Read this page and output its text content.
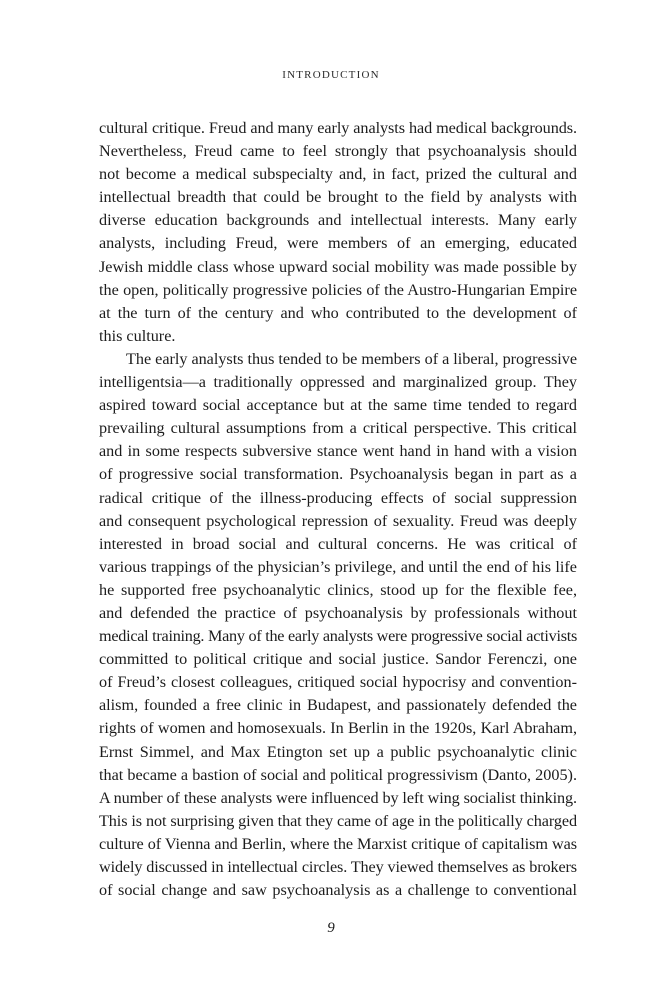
INTRODUCTION
cultural critique. Freud and many early analysts had medical backgrounds.
Nevertheless, Freud came to feel strongly that psychoanalysis should
not become a medical subspecialty and, in fact, prized the cultural and
intellectual breadth that could be brought to the field by analysts with
diverse education backgrounds and intellectual interests. Many early
analysts, including Freud, were members of an emerging, educated
Jewish middle class whose upward social mobility was made possible by
the open, politically progressive policies of the Austro-Hungarian Empire
at the turn of the century and who contributed to the development of
this culture.
The early analysts thus tended to be members of a liberal, progressive
intelligentsia—a traditionally oppressed and marginalized group. They
aspired toward social acceptance but at the same time tended to regard
prevailing cultural assumptions from a critical perspective. This critical
and in some respects subversive stance went hand in hand with a vision
of progressive social transformation. Psychoanalysis began in part as a
radical critique of the illness-producing effects of social suppression
and consequent psychological repression of sexuality. Freud was deeply
interested in broad social and cultural concerns. He was critical of
various trappings of the physician’s privilege, and until the end of his life
he supported free psychoanalytic clinics, stood up for the flexible fee,
and defended the practice of psychoanalysis by professionals without
medical training. Many of the early analysts were progressive social activists
committed to political critique and social justice. Sandor Ferenczi, one
of Freud’s closest colleagues, critiqued social hypocrisy and convention-
alism, founded a free clinic in Budapest, and passionately defended the
rights of women and homosexuals. In Berlin in the 1920s, Karl Abraham,
Ernst Simmel, and Max Etington set up a public psychoanalytic clinic
that became a bastion of social and political progressivism (Danto, 2005).
A number of these analysts were influenced by left wing socialist thinking.
This is not surprising given that they came of age in the politically charged
culture of Vienna and Berlin, where the Marxist critique of capitalism was
widely discussed in intellectual circles. They viewed themselves as brokers
of social change and saw psychoanalysis as a challenge to conventional
9
